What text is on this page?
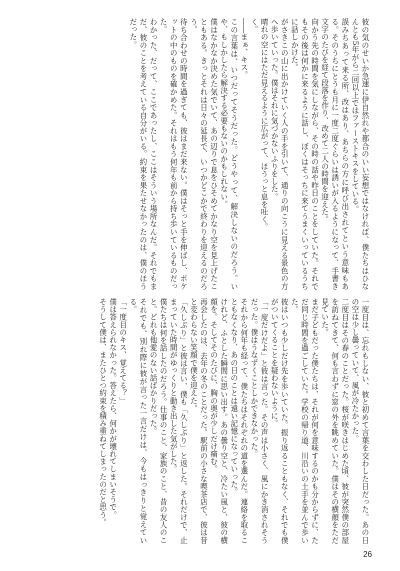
彼の気のせいか急速に伊自然れや都合のいい妄想ではなければ、僕たちはひなんとも5年がら二回以上ではファーストキスをしている。
誤みちあって来る所、改はあり、あちらの方に呼び出されてという意味もある。そのうちにとうも月に一度二度ぐらいは誘いが入るようになって、手書き文字のたびを経て段落を作り、改めて二人の時間を迎えた。
向かう先の時間を気にしながら、その時の話や昨日のことをしていた。それでもその後は何かに来るように話し、ぼくはそっちに来てうまくいっているうちに話しかけた。
がさきこの山に出かけていく人の手を引いて、通りの向こうに見える景色の方へ歩いていった。僕はそれに気づかないふりをした。
晴れの空にはただ見えるように広がって、ほうっと息を吐く。
く。
――まぁ、キス。
この言葉は、いつだってそうだった。どうやって、解決しないのだろう。いや、もしかしたら解決する必要もないのかもしれない。
僕はなかなか決めた気でいて、あの辺りで息をひそめてかなり空を見上げたこともある。きっとそれは日々の延長で、いつかどこかで終わりを迎えるのだろう。
待ち合わせの時間を過ぎても、彼はまだ来ない。僕はそっと手を伸ばし、ポケットの中のものを確かめた。それはもう何年も前から持ち歩いているものだった。
わかった、だって、ここであったし、ここはそういう場所なんだ。それでもまだ、彼のことを考えている自分がいる。約束を果たせなかったのは、僕のほうだった。
一度目は、忘れもしない、彼と初めて言葉を交わした日だった。あの日の空は少し曇っていて、風が冷たかった。
二度目はその春のことだった。桜が咲きはじめた頃、彼が突然僕の部屋を訪ねてきて、何も言わずに窓の外を眺めていた。僕はその横顔をただ見ていた。
まだ子どもだった僕たちは、それが何を意味するのかも分からずに、ただ同じ時間を過ごしていた。学校の帰り道、川沿いの土手を並んで歩いた。
彼はいつも少しだけ先を歩いていた。振り返ることもなく、それでも僕がついてくることを疑わないように。
「一度だけだよ」と彼は言った。その声は小さく、風にかき消されそうだった。僕はうなずくことしかできなかった。
それから何年も経って、僕たちはそれぞれの道を選んだ。連絡を取ることもなくなり、あの日のことは遠い記憶になっていった。
けれど、ふとした瞬間に思い出す。あの曇り空と、冷たい風と、彼の横顔を。そしてそのたびに、胸の奥が少しだけ痛む。
再会したのは、去年の冬のことだった。駅前の小さな喫茶店で、彼は昔と変わらない笑顔で僕を迎えた。
「久しぶり」と彼は言い、僕も「久しぶり」と返した。それだけで、止まっていた時間がゆっくりと動き出した気がした。
僕たちは何を話したのだろう。仕事のこと、家族のこと、昔の友人のこと。どれも他愛のない話ばかりだった。
それでも、別れ際に彼が言った一言だけは、今もはっきりと覚えている。
「一度目のキス、覚えてる？」
僕は答えられなかった。答えたら、何かが壊れてしまいそうで。
そうして僕は、またひとつ約束を積み重ねてしまったのだと思う。
26
